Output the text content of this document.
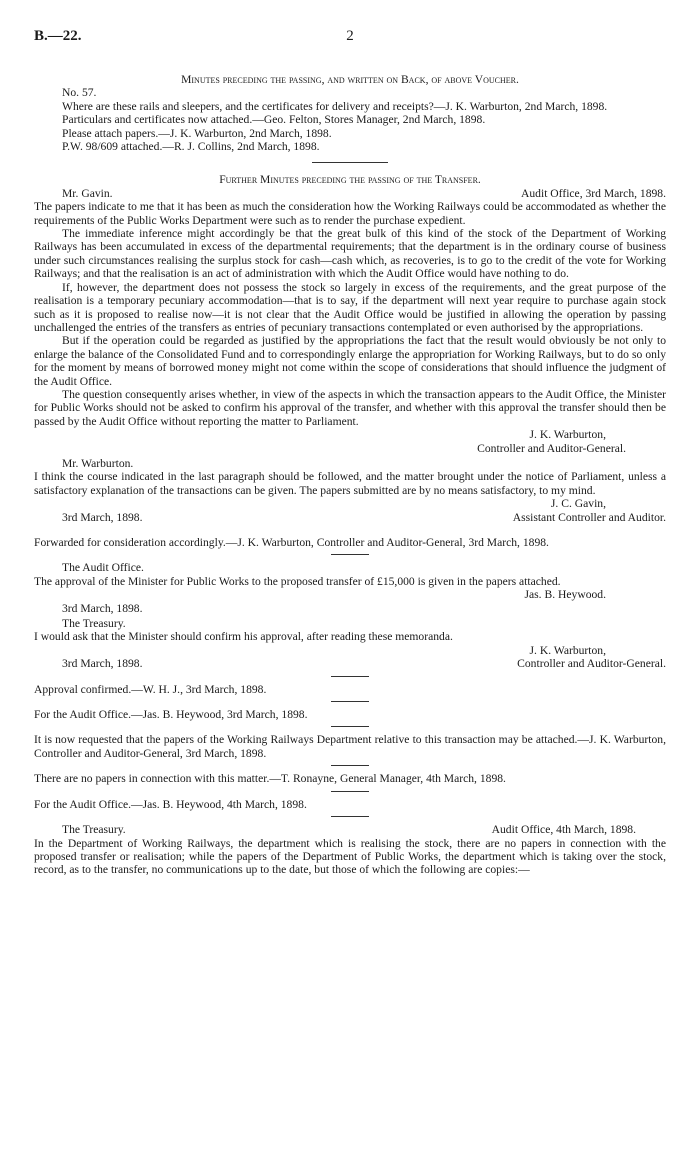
B.—22.	2

Minutes preceding the passing, and written on Back, of above Voucher.

No. 57.

Where are these rails and sleepers, and the certificates for delivery and receipts?—J. K. Warburton, 2nd March, 1898.

Particulars and certificates now attached.—Geo. Felton, Stores Manager, 2nd March, 1898.

Please attach papers.—J. K. Warburton, 2nd March, 1898.

P.W. 98/609 attached.—R. J. Collins, 2nd March, 1898.

Further Minutes preceding the passing of the Transfer.

Mr. Gavin.	Audit Office, 3rd March, 1898.

The papers indicate to me that it has been as much the consideration how the Working Railways could be accommodated as whether the requirements of the Public Works Department were such as to render the purchase expedient.

The immediate inference might accordingly be that the great bulk of this kind of the stock of the Department of Working Railways has been accumulated in excess of the departmental requirements; that the department is in the ordinary course of business under such circumstances realising the surplus stock for cash—cash which, as recoveries, is to go to the credit of the vote for Working Railways; and that the realisation is an act of administration with which the Audit Office would have nothing to do.

If, however, the department does not possess the stock so largely in excess of the requirements, and the great purpose of the realisation is a temporary pecuniary accommodation—that is to say, if the department will next year require to purchase again stock such as it is proposed to realise now—it is not clear that the Audit Office would be justified in allowing the operation by passing unchallenged the entries of the transfers as entries of pecuniary transactions contemplated or even authorised by the appropriations.

But if the operation could be regarded as justified by the appropriations the fact that the result would obviously be not only to enlarge the balance of the Consolidated Fund and to correspondingly enlarge the appropriation for Working Railways, but to do so only for the moment by means of borrowed money might not come within the scope of considerations that should influence the judgment of the Audit Office.

The question consequently arises whether, in view of the aspects in which the transaction appears to the Audit Office, the Minister for Public Works should not be asked to confirm his approval of the transfer, and whether with this approval the transfer should then be passed by the Audit Office without reporting the matter to Parliament.

J. K. Warburton,

Controller and Auditor-General.

Mr. Warburton.

I think the course indicated in the last paragraph should be followed, and the matter brought under the notice of Parliament, unless a satisfactory explanation of the transactions can be given. The papers submitted are by no means satisfactory, to my mind.

J. C. Gavin,

3rd March, 1898.	Assistant Controller and Auditor.

Forwarded for consideration accordingly.—J. K. Warburton, Controller and Auditor-General, 3rd March, 1898.

The Audit Office.

The approval of the Minister for Public Works to the proposed transfer of £15,000 is given in the papers attached.

Jas. B. Heywood.

3rd March, 1898.

The Treasury.

I would ask that the Minister should confirm his approval, after reading these memoranda.

J. K. Warburton,

3rd March, 1898.	Controller and Auditor-General.

Approval confirmed.—W. H. J., 3rd March, 1898.

For the Audit Office.—Jas. B. Heywood, 3rd March, 1898.

It is now requested that the papers of the Working Railways Department relative to this transaction may be attached.—J. K. Warburton, Controller and Auditor-General, 3rd March, 1898.

There are no papers in connection with this matter.—T. Ronayne, General Manager, 4th March, 1898.

For the Audit Office.—Jas. B. Heywood, 4th March, 1898.

The Treasury.	Audit Office, 4th March, 1898.

In the Department of Working Railways, the department which is realising the stock, there are no papers in connection with the proposed transfer or realisation; while the papers of the Department of Public Works, the department which is taking over the stock, record, as to the transfer, no communications up to the date, but those of which the following are copies:—
